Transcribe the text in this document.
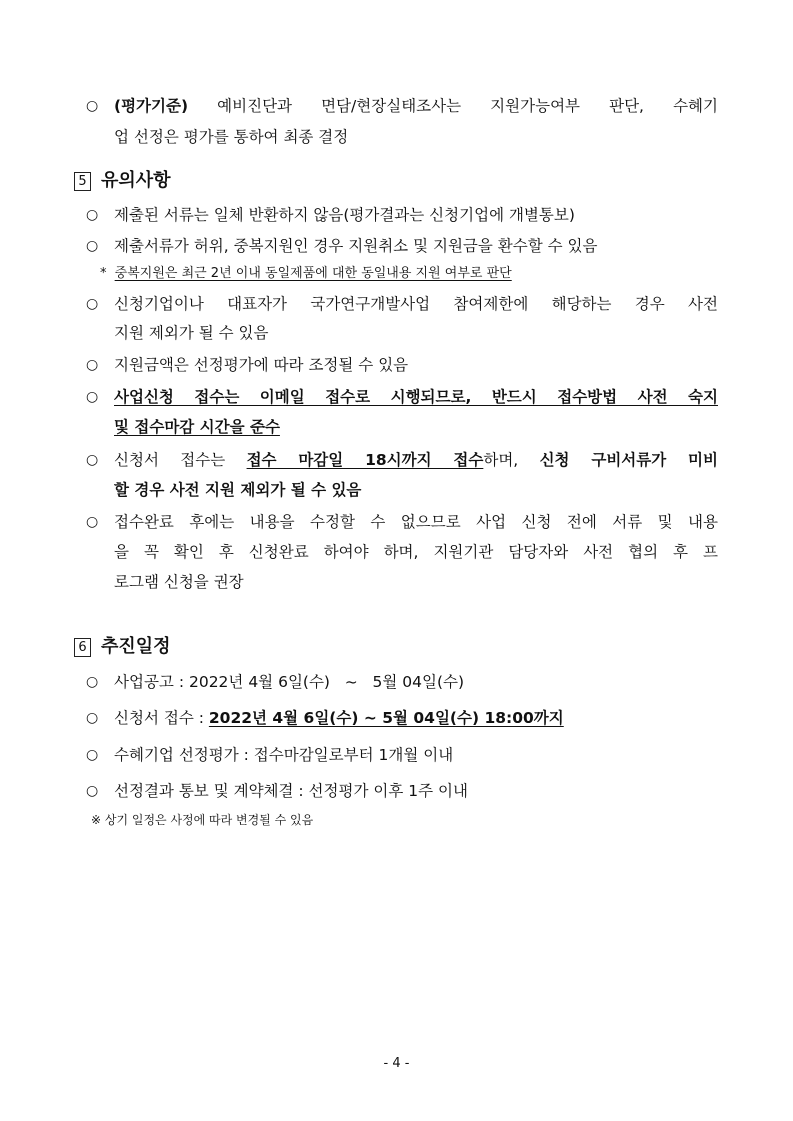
○ (평가기준) 예비진단과 면담/현장실태조사는 지원가능여부 판단, 수혜기
업 선정은 평가를 통하여 최종 결정
5 유의사항
○ 제출된 서류는 일체 반환하지 않음(평가결과는 신청기업에 개별통보)
○ 제출서류가 허위, 중복지원인 경우 지원취소 및 지원금을 환수할 수 있음
* 중복지원은 최근 2년 이내 동일제품에 대한 동일내용 지원 여부로 판단
○ 신청기업이나 대표자가 국가연구개발사업 참여제한에 해당하는 경우 사전
지원 제외가 될 수 있음
○ 지원금액은 선정평가에 따라 조정될 수 있음
○ 사업신청 접수는 이메일 접수로 시행되므로, 반드시 접수방법 사전 숙지
및 접수마감 시간을 준수
○ 신청서 접수는 접수 마감일 18시까지 접수하며, 신청 구비서류가 미비
할 경우 사전 지원 제외가 될 수 있음
○ 접수완료 후에는 내용을 수정할 수 없으므로 사업 신청 전에 서류 및 내용
을 꼭 확인 후 신청완료 하여야 하며, 지원기관 담당자와 사전 협의 후 프
로그램 신청을 권장
6 추진일정
○ 사업공고 : 2022년 4월 6일(수)   ~   5월 04일(수)
○ 신청서 접수 : 2022년 4월 6일(수) ~ 5월 04일(수) 18:00까지
○ 수혜기업 선정평가 : 접수마감일로부터 1개월 이내
○ 선정결과 통보 및 계약체결 : 선정평가 이후 1주 이내
※ 상기 일정은 사정에 따라 변경될 수 있음
- 4 -
